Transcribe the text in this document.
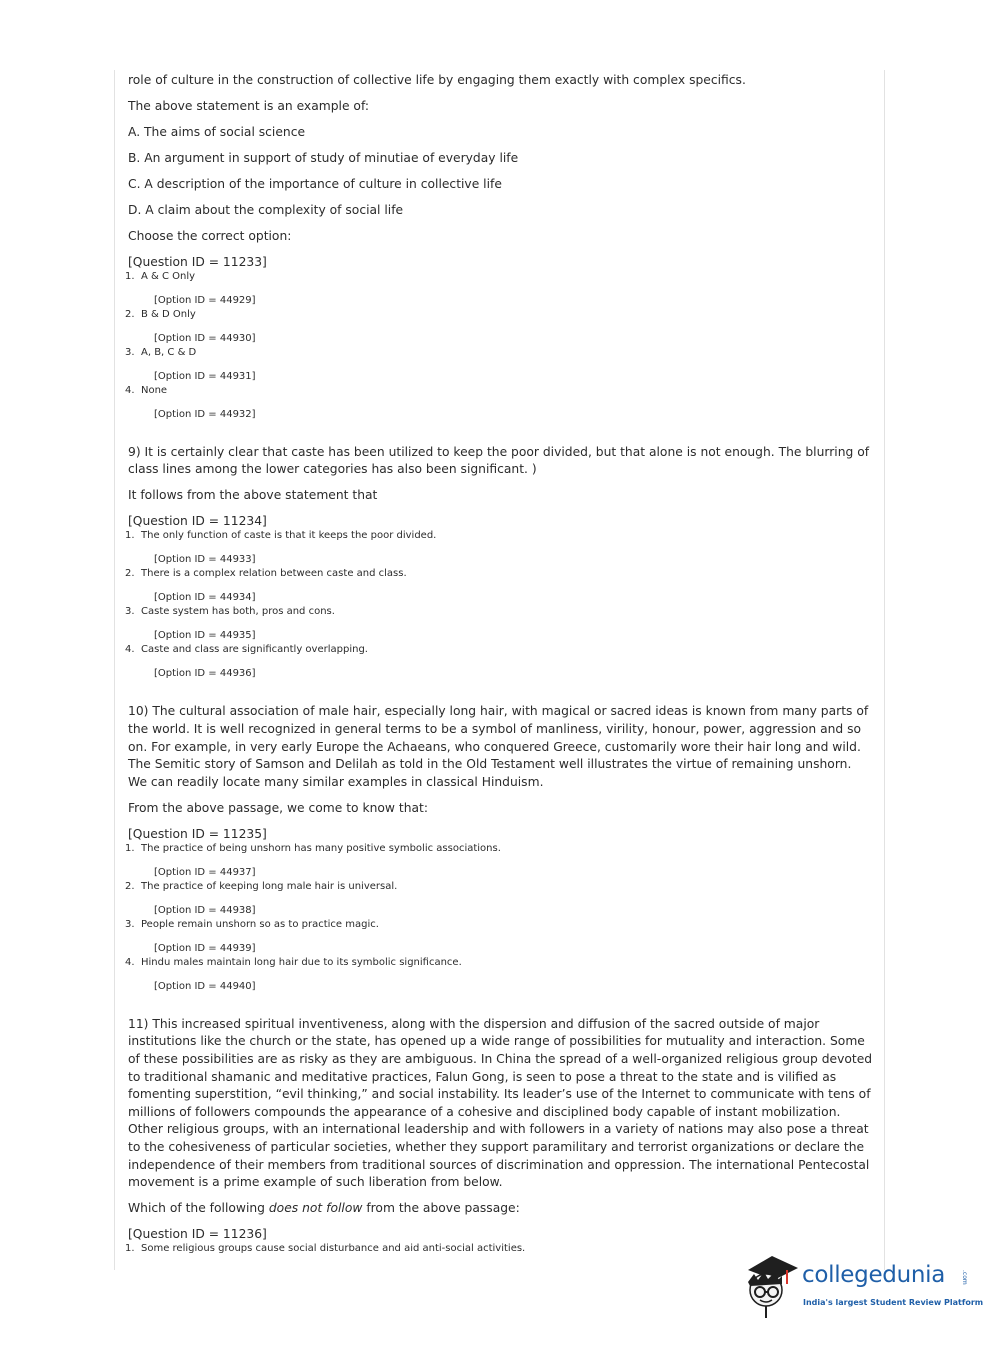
role of culture in the construction of collective life by engaging them exactly with complex specifics.

The above statement is an example of:

A. The aims of social science

B. An argument in support of study of minutiae of everyday life

C. A description of the importance of culture in collective life

D. A claim about the complexity of social life

Choose the correct option:

[Question ID = 11233]

1. A & C Only

[Option ID = 44929]

2. B & D Only

[Option ID = 44930]

3. A, B, C & D

[Option ID = 44931]

4. None

[Option ID = 44932]

9) It is certainly clear that caste has been utilized to keep the poor divided, but that alone is not enough. The blurring of class lines among the lower categories has also been significant. )

It follows from the above statement that

[Question ID = 11234]

1. The only function of caste is that it keeps the poor divided.

[Option ID = 44933]

2. There is a complex relation between caste and class.

[Option ID = 44934]

3. Caste system has both, pros and cons.

[Option ID = 44935]

4. Caste and class are significantly overlapping.

[Option ID = 44936]

10) The cultural association of male hair, especially long hair, with magical or sacred ideas is known from many parts of the world. It is well recognized in general terms to be a symbol of manliness, virility, honour, power, aggression and so on. For example, in very early Europe the Achaeans, who conquered Greece, customarily wore their hair long and wild. The Semitic story of Samson and Delilah as told in the Old Testament well illustrates the virtue of remaining unshorn. We can readily locate many similar examples in classical Hinduism.

From the above passage, we come to know that:

[Question ID = 11235]

1. The practice of being unshorn has many positive symbolic associations.

[Option ID = 44937]

2. The practice of keeping long male hair is universal.

[Option ID = 44938]

3. People remain unshorn so as to practice magic.

[Option ID = 44939]

4. Hindu males maintain long hair due to its symbolic significance.

[Option ID = 44940]

11) This increased spiritual inventiveness, along with the dispersion and diffusion of the sacred outside of major institutions like the church or the state, has opened up a wide range of possibilities for mutuality and interaction. Some of these possibilities are as risky as they are ambiguous. In China the spread of a well-organized religious group devoted to traditional shamanic and meditative practices, Falun Gong, is seen to pose a threat to the state and is vilified as fomenting superstition, “evil thinking,” and social instability. Its leader’s use of the Internet to communicate with tens of millions of followers compounds the appearance of a cohesive and disciplined body capable of instant mobilization. Other religious groups, with an international leadership and with followers in a variety of nations may also pose a threat to the cohesiveness of particular societies, whether they support paramilitary and terrorist organizations or declare the independence of their members from traditional sources of discrimination and oppression. The international Pentecostal movement is a prime example of such liberation from below.

Which of the following does not follow from the above passage:

[Question ID = 11236]

1. Some religious groups cause social disturbance and aid anti-social activities.
collegedunia	.com
India's largest Student Review Platform
